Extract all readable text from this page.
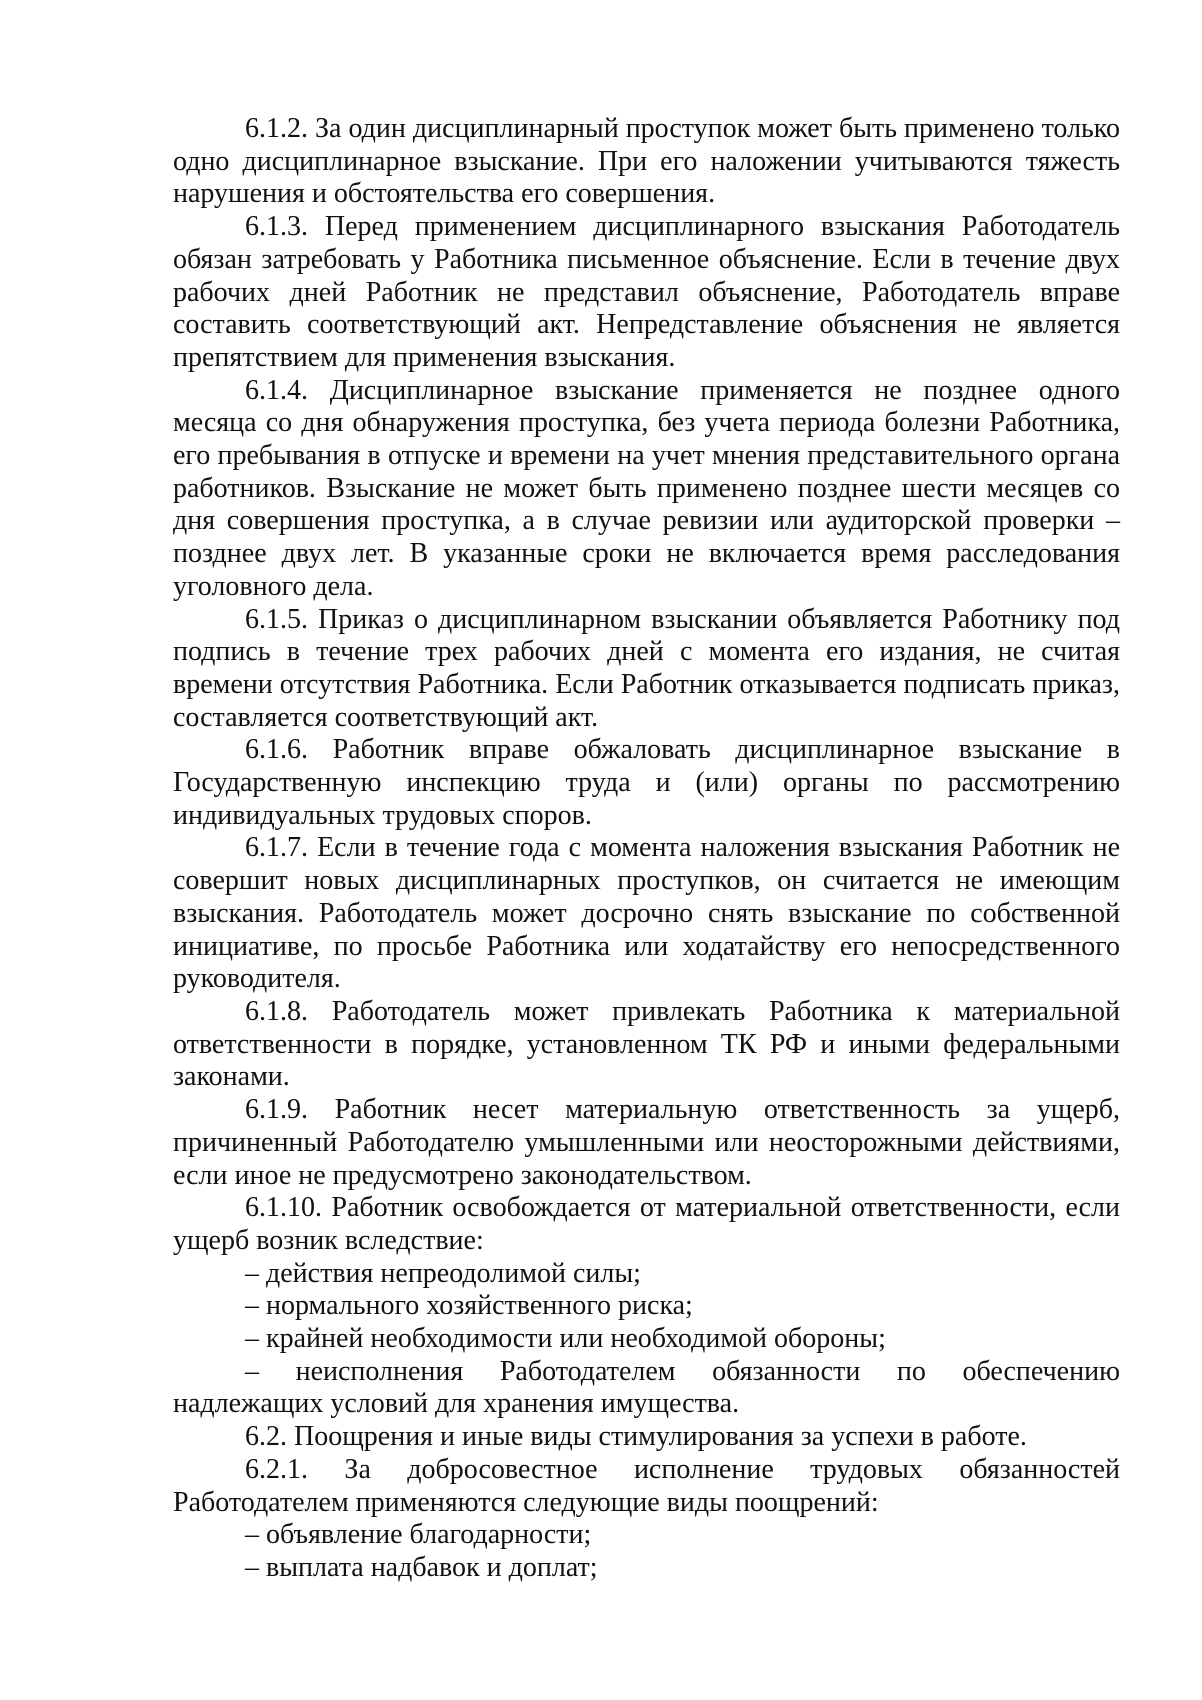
6.1.2. За один дисциплинарный проступок может быть применено только одно дисциплинарное взыскание. При его наложении учитываются тяжесть нарушения и обстоятельства его совершения.

6.1.3. Перед применением дисциплинарного взыскания Работодатель обязан затребовать у Работника письменное объяснение. Если в течение двух рабочих дней Работник не представил объяснение, Работодатель вправе составить соответствующий акт. Непредставление объяснения не является препятствием для применения взыскания.

6.1.4. Дисциплинарное взыскание применяется не позднее одного месяца со дня обнаружения проступка, без учета периода болезни Работника, его пребывания в отпуске и времени на учет мнения представительного органа работников. Взыскание не может быть применено позднее шести месяцев со дня совершения проступка, а в случае ревизии или аудиторской проверки – позднее двух лет. В указанные сроки не включается время расследования уголовного дела.

6.1.5. Приказ о дисциплинарном взыскании объявляется Работнику под подпись в течение трех рабочих дней с момента его издания, не считая времени отсутствия Работника. Если Работник отказывается подписать приказ, составляется соответствующий акт.

6.1.6. Работник вправе обжаловать дисциплинарное взыскание в Государственную инспекцию труда и (или) органы по рассмотрению индивидуальных трудовых споров.

6.1.7. Если в течение года с момента наложения взыскания Работник не совершит новых дисциплинарных проступков, он считается не имеющим взыскания. Работодатель может досрочно снять взыскание по собственной инициативе, по просьбе Работника или ходатайству его непосредственного руководителя.

6.1.8. Работодатель может привлекать Работника к материальной ответственности в порядке, установленном ТК РФ и иными федеральными законами.

6.1.9. Работник несет материальную ответственность за ущерб, причиненный Работодателю умышленными или неосторожными действиями, если иное не предусмотрено законодательством.

6.1.10. Работник освобождается от материальной ответственности, если ущерб возник вследствие:

– действия непреодолимой силы;

– нормального хозяйственного риска;

– крайней необходимости или необходимой обороны;

– неисполнения Работодателем обязанности по обеспечению надлежащих условий для хранения имущества.

6.2. Поощрения и иные виды стимулирования за успехи в работе.

6.2.1. За добросовестное исполнение трудовых обязанностей Работодателем применяются следующие виды поощрений:

– объявление благодарности;

– выплата надбавок и доплат;
